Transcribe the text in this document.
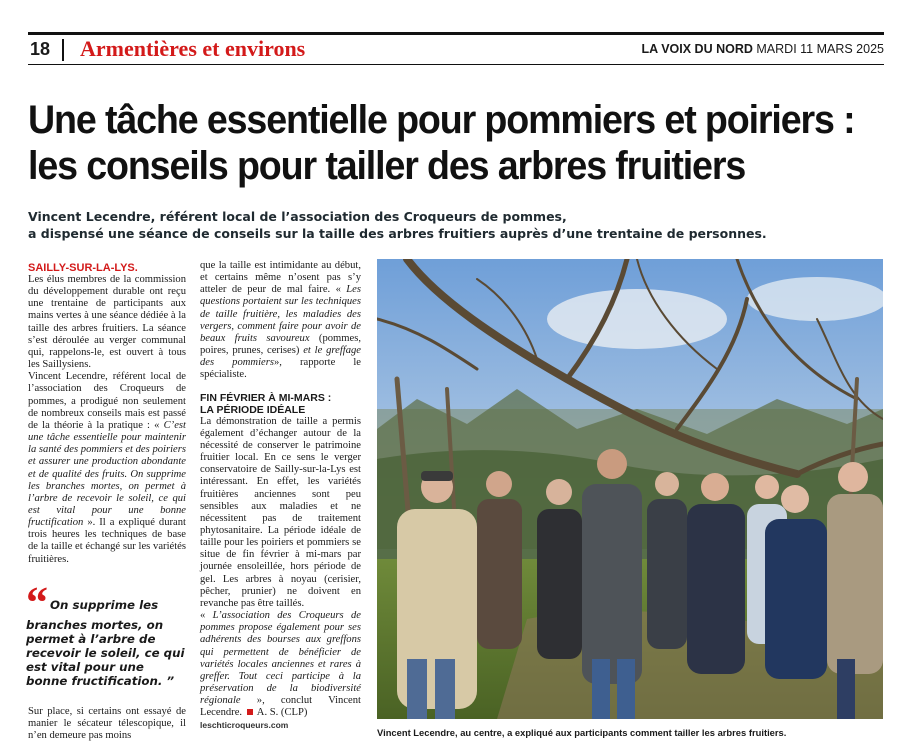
18 Armentières et environs	LA VOIX DU NORD MARDI 11 MARS 2025
Une tâche essentielle pour pommiers et poiriers :
les conseils pour tailler des arbres fruitiers
Vincent Lecendre, référent local de l’association des Croqueurs de pommes,
a dispensé une séance de conseils sur la taille des arbres fruitiers auprès d’une trentaine de personnes.
SAILLY-SUR-LA-LYS.

Les élus membres de la commission du développement durable ont reçu une trentaine de participants aux mains vertes à une séance dédiée à la taille des arbres fruitiers. La séance s’est déroulée au verger communal qui, rappelons-le, est ouvert à tous les Saillysiens.

Vincent Lecendre, référent local de l’association des Croqueurs de pommes, a prodigué non seulement de nombreux conseils mais est passé de la théorie à la pratique : « C’est une tâche essentielle pour maintenir la santé des pommiers et des poiriers et assurer une production abondante et de qualité des fruits. On supprime les branches mortes, on permet à l’arbre de recevoir le soleil, ce qui est vital pour une bonne fructification ». Il a expliqué durant trois heures les techniques de base de la taille et échangé sur les variétés fruitières.

“ On supprime les branches mortes, on permet à l’arbre de recevoir le soleil, ce qui est vital pour une bonne fructification. ”

Sur place, si certains ont essayé de manier le sécateur télescopique, il n’en demeure pas moins

que la taille est intimidante au début, et certains même n’osent pas s’y atteler de peur de mal faire. « Les questions portaient sur les techniques de taille fruitière, les maladies des vergers, comment faire pour avoir de beaux fruits savoureux (pommes, poires, prunes, cerises) et le greffage des pommiers», rapporte le spécialiste.

FIN FÉVRIER À MI-MARS :
LA PÉRIODE IDÉALE

La démonstration de taille a permis également d’échanger autour de la nécessité de conserver le patrimoine fruitier local. En ce sens le verger conservatoire de Sailly-sur-la-Lys est intéressant. En effet, les variétés fruitières anciennes sont peu sensibles aux maladies et ne nécessitent pas de traitement phytosanitaire. La période idéale de taille pour les poiriers et pommiers se situe de fin février à mi-mars par journée ensoleillée, hors période de gel. Les arbres à noyau (cerisier, pêcher, prunier) ne doivent en revanche pas être taillés.

« L’association des Croqueurs de pommes propose également pour ses adhérents des bourses aux greffons qui permettent de bénéficier de variétés locales anciennes et rares à greffer. Tout ceci participe à la préservation de la biodiversité régionale », conclut Vincent Lecendre. A. S. (CLP)

leschticroqueurs.com
Vincent Lecendre, au centre, a expliqué aux participants comment tailler les arbres fruitiers.
